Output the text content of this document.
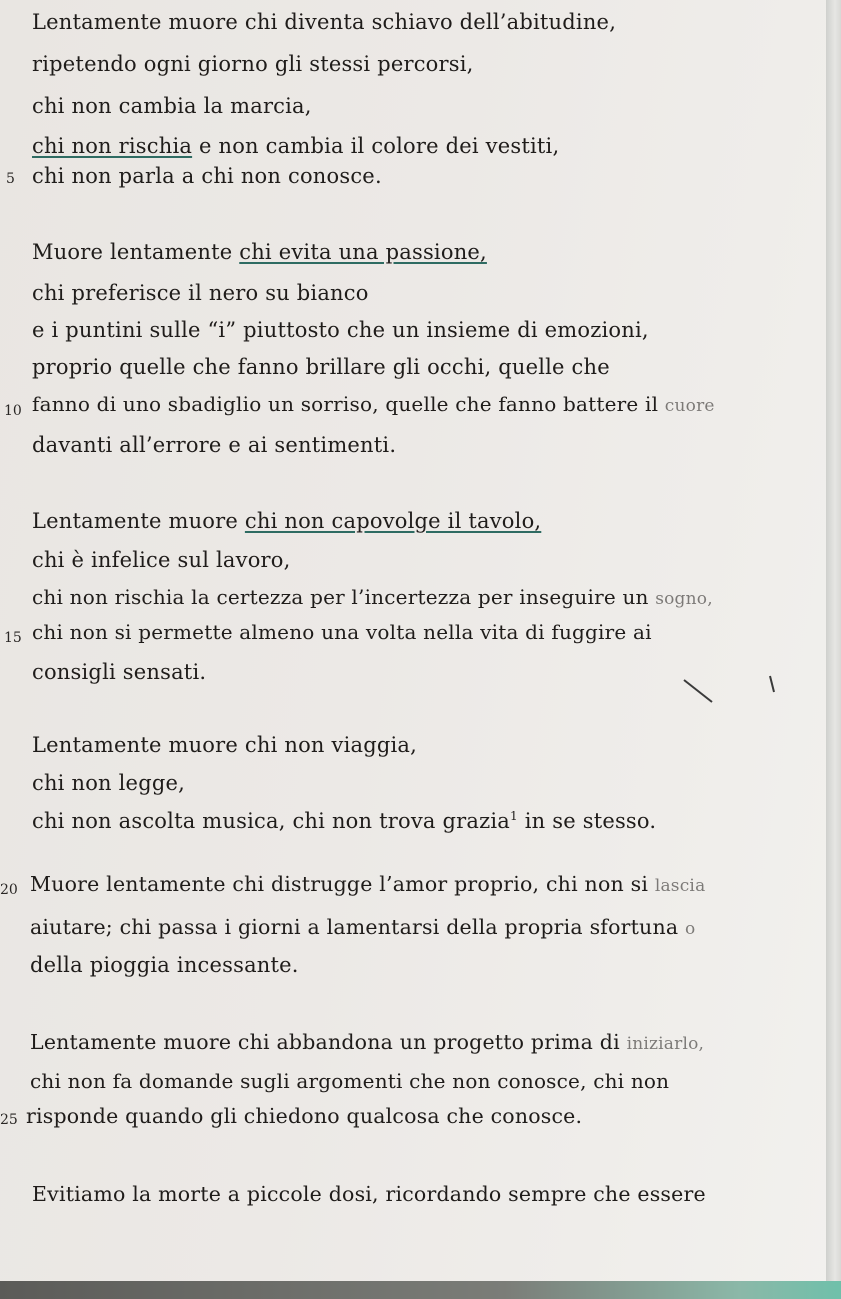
Lentamente muore chi diventa schiavo dell’abitudine,
ripetendo ogni giorno gli stessi percorsi,
chi non cambia la marcia,
chi non rischia e non cambia il colore dei vestiti,
5 chi non parla a chi non conosce.
Muore lentamente chi evita una passione,
chi preferisce il nero su bianco
e i puntini sulle “i” piuttosto che un insieme di emozioni,
proprio quelle che fanno brillare gli occhi, quelle che
10 fanno di uno sbadiglio un sorriso, quelle che fanno battere il cuore
davanti all’errore e ai sentimenti.
Lentamente muore chi non capovolge il tavolo,
chi è infelice sul lavoro,
chi non rischia la certezza per l’incertezza per inseguire un sogno,
15 chi non si permette almeno una volta nella vita di fuggire ai
consigli sensati.
Lentamente muore chi non viaggia,
chi non legge,
chi non ascolta musica, chi non trova grazia$^1$ in se stesso.
20 Muore lentamente chi distrugge l’amor proprio, chi non si lascia
aiutare; chi passa i giorni a lamentarsi della propria sfortuna o
della pioggia incessante.
Lentamente muore chi abbandona un progetto prima di iniziarlo,
chi non fa domande sugli argomenti che non conosce, chi non
25 risponde quando gli chiedono qualcosa che conosce.
Evitiamo la morte a piccole dosi, ricordando sempre che essere
